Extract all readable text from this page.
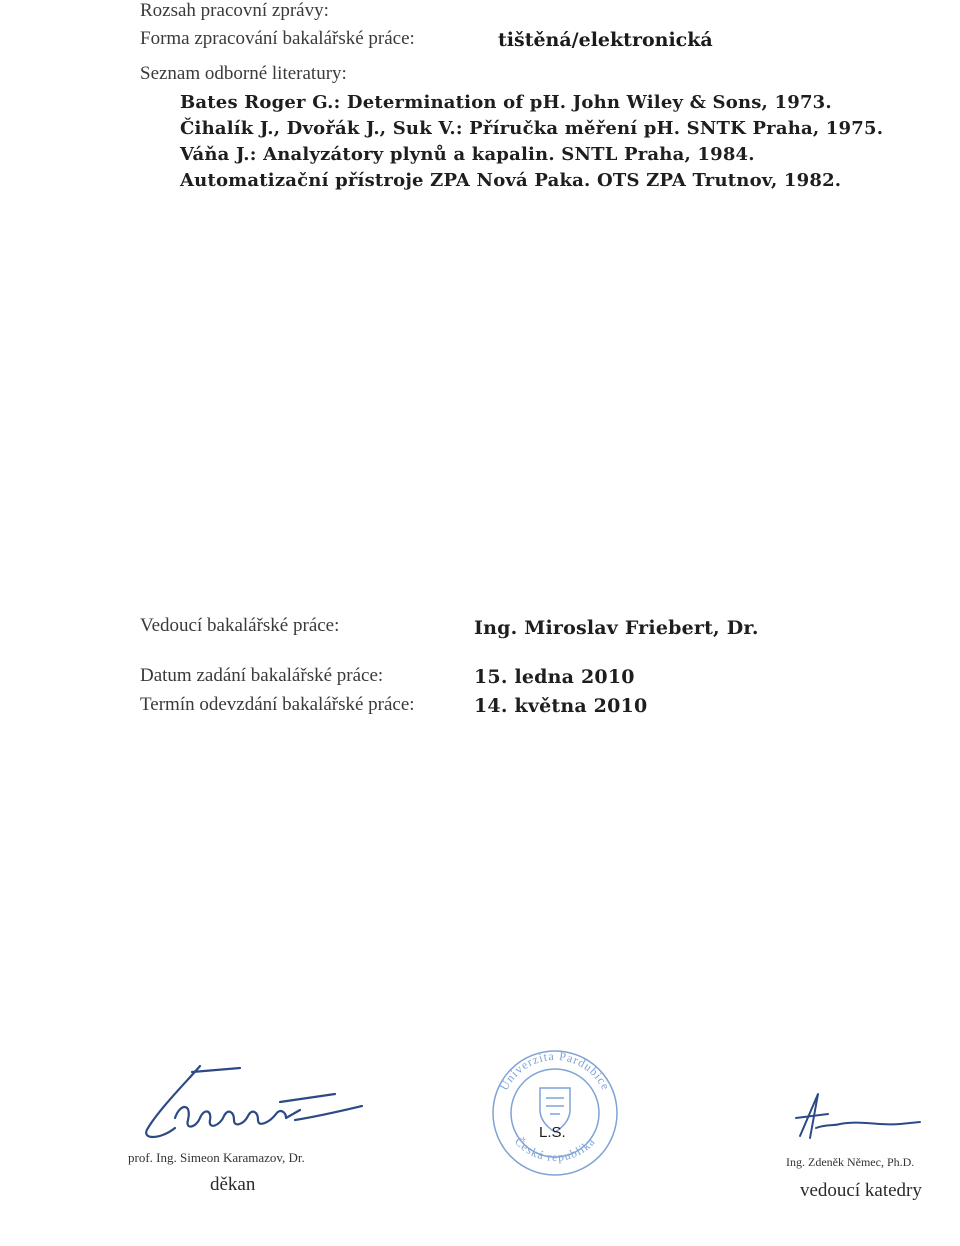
Rozsah pracovní zprávy:
Forma zpracování bakalářské práce:	tištěná/elektronická
Seznam odborné literatury:
Bates Roger G.: Determination of pH. John Wiley & Sons, 1973.
Čihalík J., Dvořák J., Suk V.: Příručka měření pH. SNTK Praha, 1975.
Váňa J.: Analyzátory plynů a kapalin. SNTL Praha, 1984.
Automatizační přístroje ZPA Nová Paka. OTS ZPA Trutnov, 1982.
Vedoucí bakalářské práce:	Ing. Miroslav Friebert, Dr.
Datum zadání bakalářské práce:	15. ledna 2010
Termín odevzdání bakalářské práce:	14. května 2010
prof. Ing. Simeon Karamazov, Dr.
děkan
Univerzita Pardubice
Česká republika
L.S.
Ing. Zdeněk Němec, Ph.D.
vedoucí katedry
